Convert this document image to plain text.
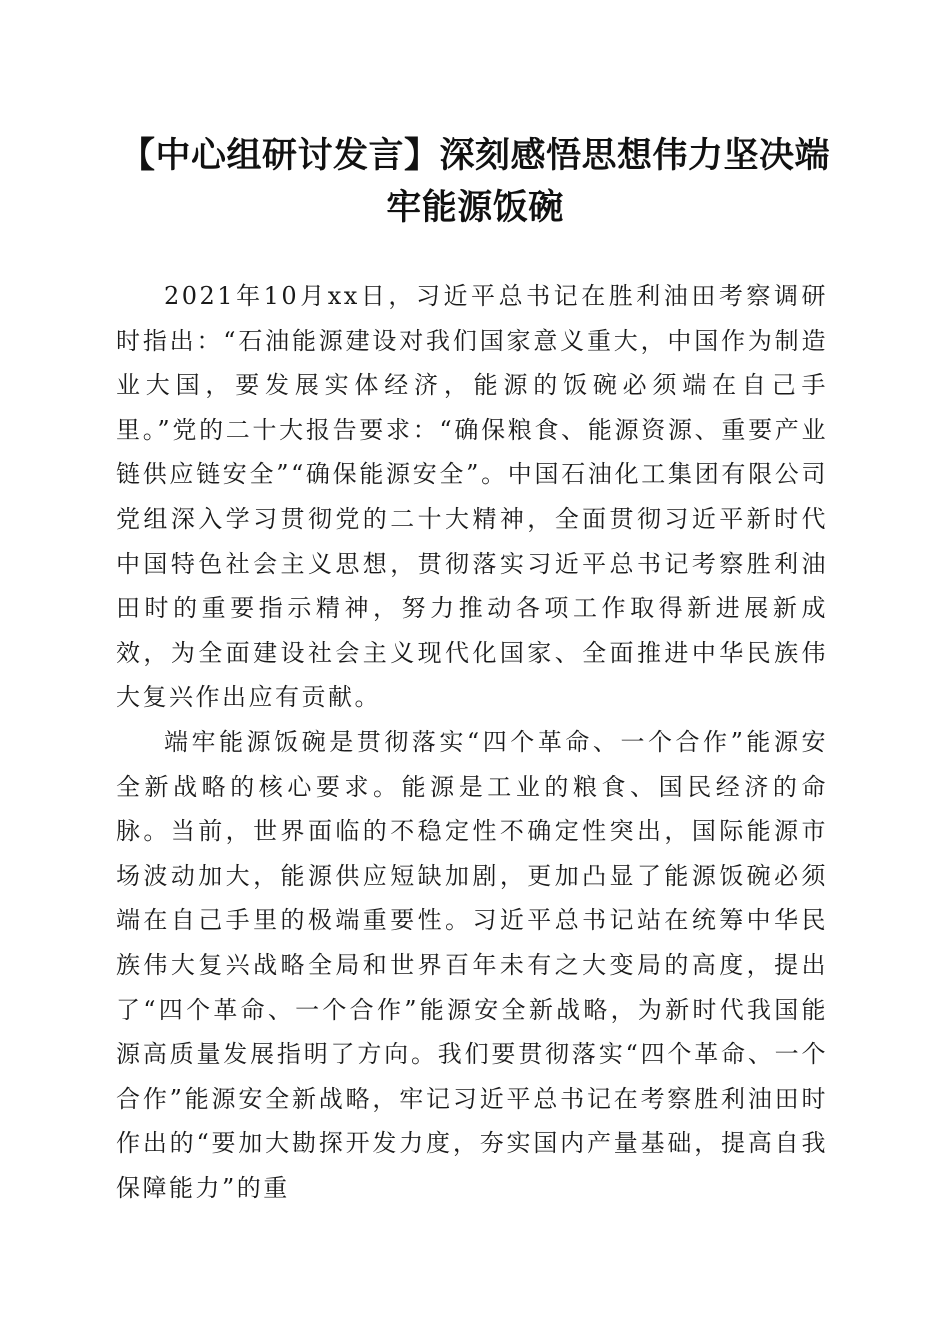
【中心组研讨发言】深刻感悟思想伟力坚决端牢能源饭碗

2021年10月xx日，习近平总书记在胜利油田考察调研时指出：“石油能源建设对我们国家意义重大，中国作为制造业大国，要发展实体经济，能源的饭碗必须端在自己手里。”党的二十大报告要求：“确保粮食、能源资源、重要产业链供应链安全”“确保能源安全”。中国石油化工集团有限公司党组深入学习贯彻党的二十大精神，全面贯彻习近平新时代中国特色社会主义思想，贯彻落实习近平总书记考察胜利油田时的重要指示精神，努力推动各项工作取得新进展新成效，为全面建设社会主义现代化国家、全面推进中华民族伟大复兴作出应有贡献。

端牢能源饭碗是贯彻落实“四个革命、一个合作”能源安全新战略的核心要求。能源是工业的粮食、国民经济的命脉。当前，世界面临的不稳定性不确定性突出，国际能源市场波动加大，能源供应短缺加剧，更加凸显了能源饭碗必须端在自己手里的极端重要性。习近平总书记站在统筹中华民族伟大复兴战略全局和世界百年未有之大变局的高度，提出了“四个革命、一个合作”能源安全新战略，为新时代我国能源高质量发展指明了方向。我们要贯彻落实“四个革命、一个合作”能源安全新战略，牢记习近平总书记在考察胜利油田时作出的“要加大勘探开发力度，夯实国内产量基础，提高自我保障能力”的重
